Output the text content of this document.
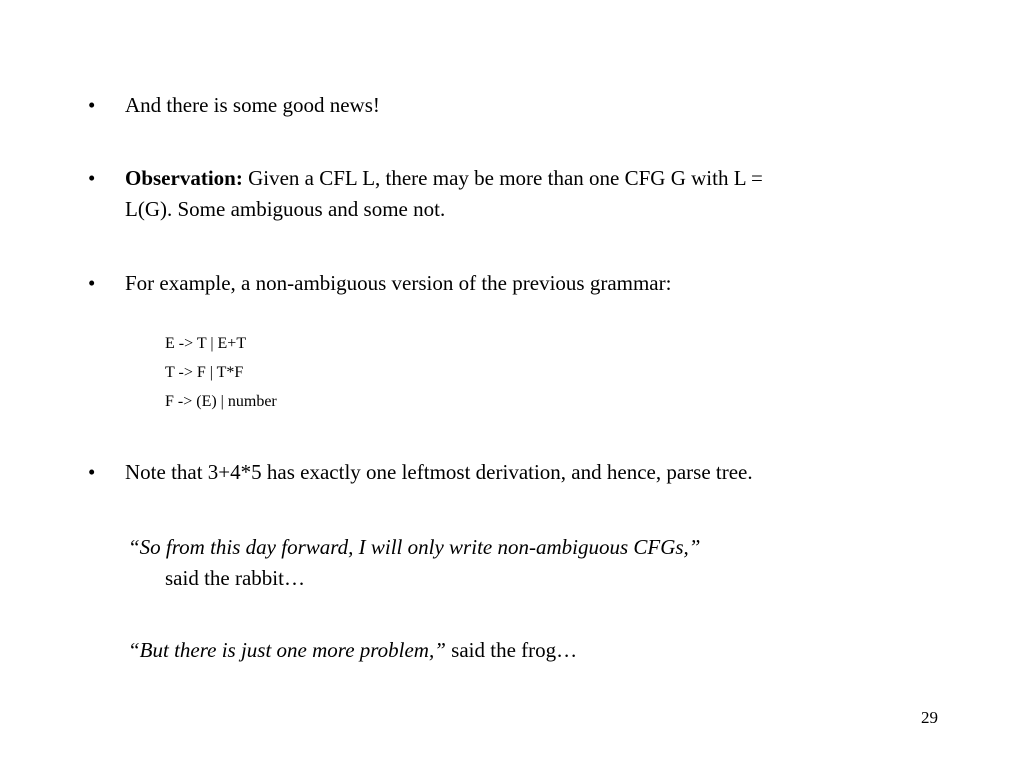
•	And there is some good news!
•	Observation: Given a CFL L, there may be more than one CFG G with L =
L(G). Some ambiguous and some not.
•	For example, a non-ambiguous version of the previous grammar:
E -> T | E+T
T -> F | T*F
F -> (E) | number
•	Note that 3+4*5 has exactly one leftmost derivation, and hence, parse tree.
“So from this day forward, I will only write non-ambiguous CFGs,”
said the rabbit…
“But there is just one more problem,” said the frog…
29
